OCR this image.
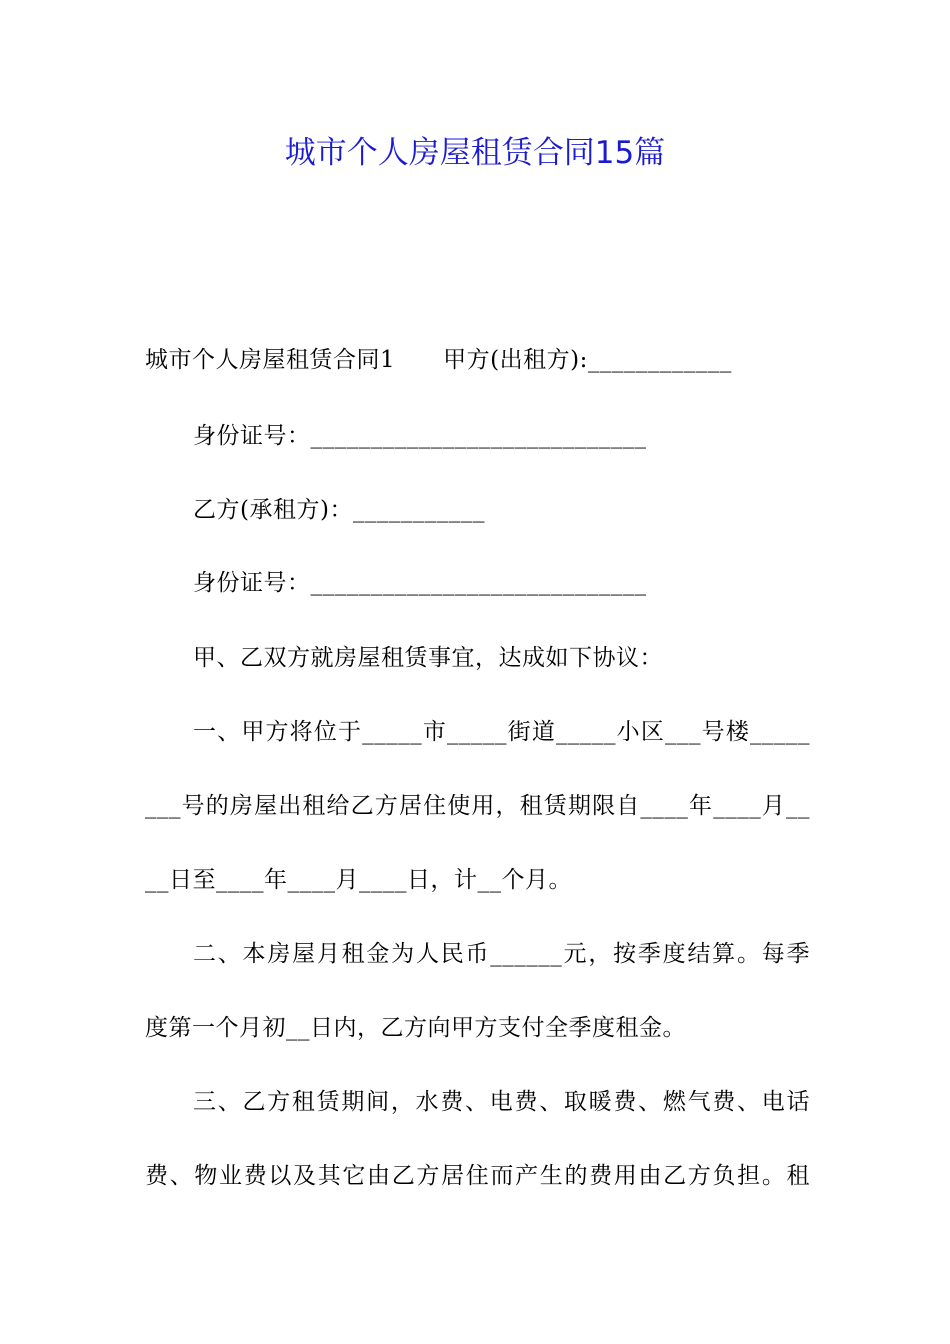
城市个人房屋租赁合同15篇
城市个人房屋租赁合同1 甲方(出租方):____________
身份证号：____________________________
乙方(承租方)：___________
身份证号：____________________________
甲、乙双方就房屋租赁事宜，达成如下协议：
一、甲方将位于_____市_____街道_____小区___号楼_____
___号的房屋出租给乙方居住使用，租赁期限自____年____月__
__日至____年____月____日，计__个月。
二、本房屋月租金为人民币______元，按季度结算。每季
度第一个月初__日内，乙方向甲方支付全季度租金。
三、乙方租赁期间，水费、电费、取暖费、燃气费、电话
费、物业费以及其它由乙方居住而产生的费用由乙方负担。租
